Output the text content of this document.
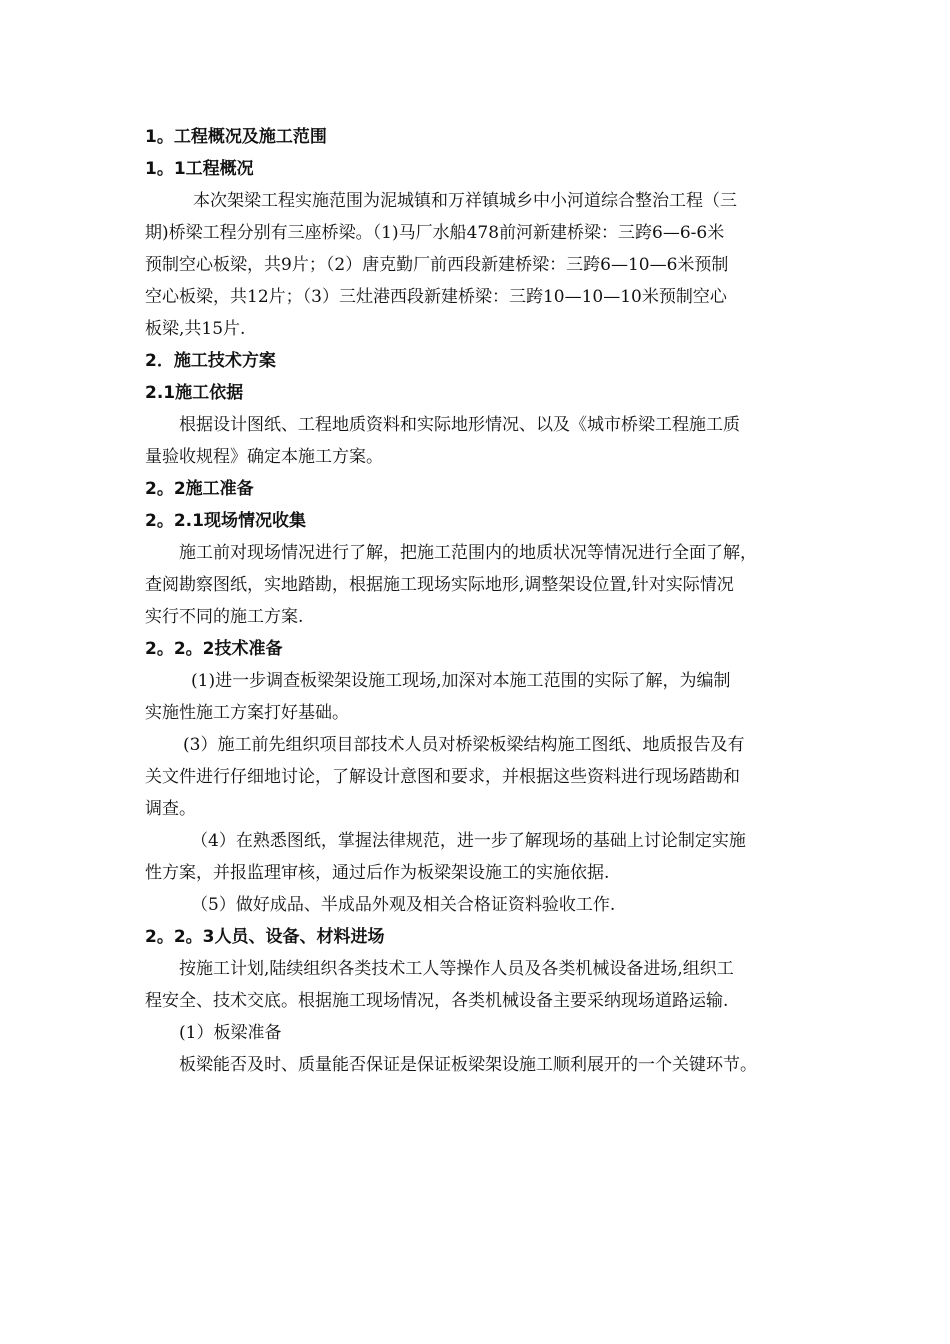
1。工程概况及施工范围
1。1工程概况
本次架梁工程实施范围为泥城镇和万祥镇城乡中小河道综合整治工程（三
期)桥梁工程分别有三座桥梁。（1)马厂水船478前河新建桥梁：三跨6—6-6米
预制空心板梁，共9片；（2）唐克勤厂前西段新建桥梁：三跨6—10—6米预制
空心板梁，共12片；（3）三灶港西段新建桥梁：三跨10—10—10米预制空心
板梁,共15片.
2．施工技术方案
2.1施工依据
根据设计图纸、工程地质资料和实际地形情况、以及《城市桥梁工程施工质
量验收规程》确定本施工方案。
2。2施工准备
2。2.1现场情况收集
施工前对现场情况进行了解，把施工范围内的地质状况等情况进行全面了解，
查阅勘察图纸，实地踏勘，根据施工现场实际地形,调整架设位置,针对实际情况
实行不同的施工方案.
2。2。2技术准备
(1)进一步调查板梁架设施工现场,加深对本施工范围的实际了解，为编制
实施性施工方案打好基础。
(3）施工前先组织项目部技术人员对桥梁板梁结构施工图纸、地质报告及有
关文件进行仔细地讨论，了解设计意图和要求，并根据这些资料进行现场踏勘和
调查。
（4）在熟悉图纸，掌握法律规范，进一步了解现场的基础上讨论制定实施
性方案，并报监理审核，通过后作为板梁架设施工的实施依据.
（5）做好成品、半成品外观及相关合格证资料验收工作.
2。2。3人员、设备、材料进场
按施工计划,陆续组织各类技术工人等操作人员及各类机械设备进场,组织工
程安全、技术交底。根据施工现场情况，各类机械设备主要采纳现场道路运输.
(1）板梁准备
板梁能否及时、质量能否保证是保证板梁架设施工顺利展开的一个关键环节。
